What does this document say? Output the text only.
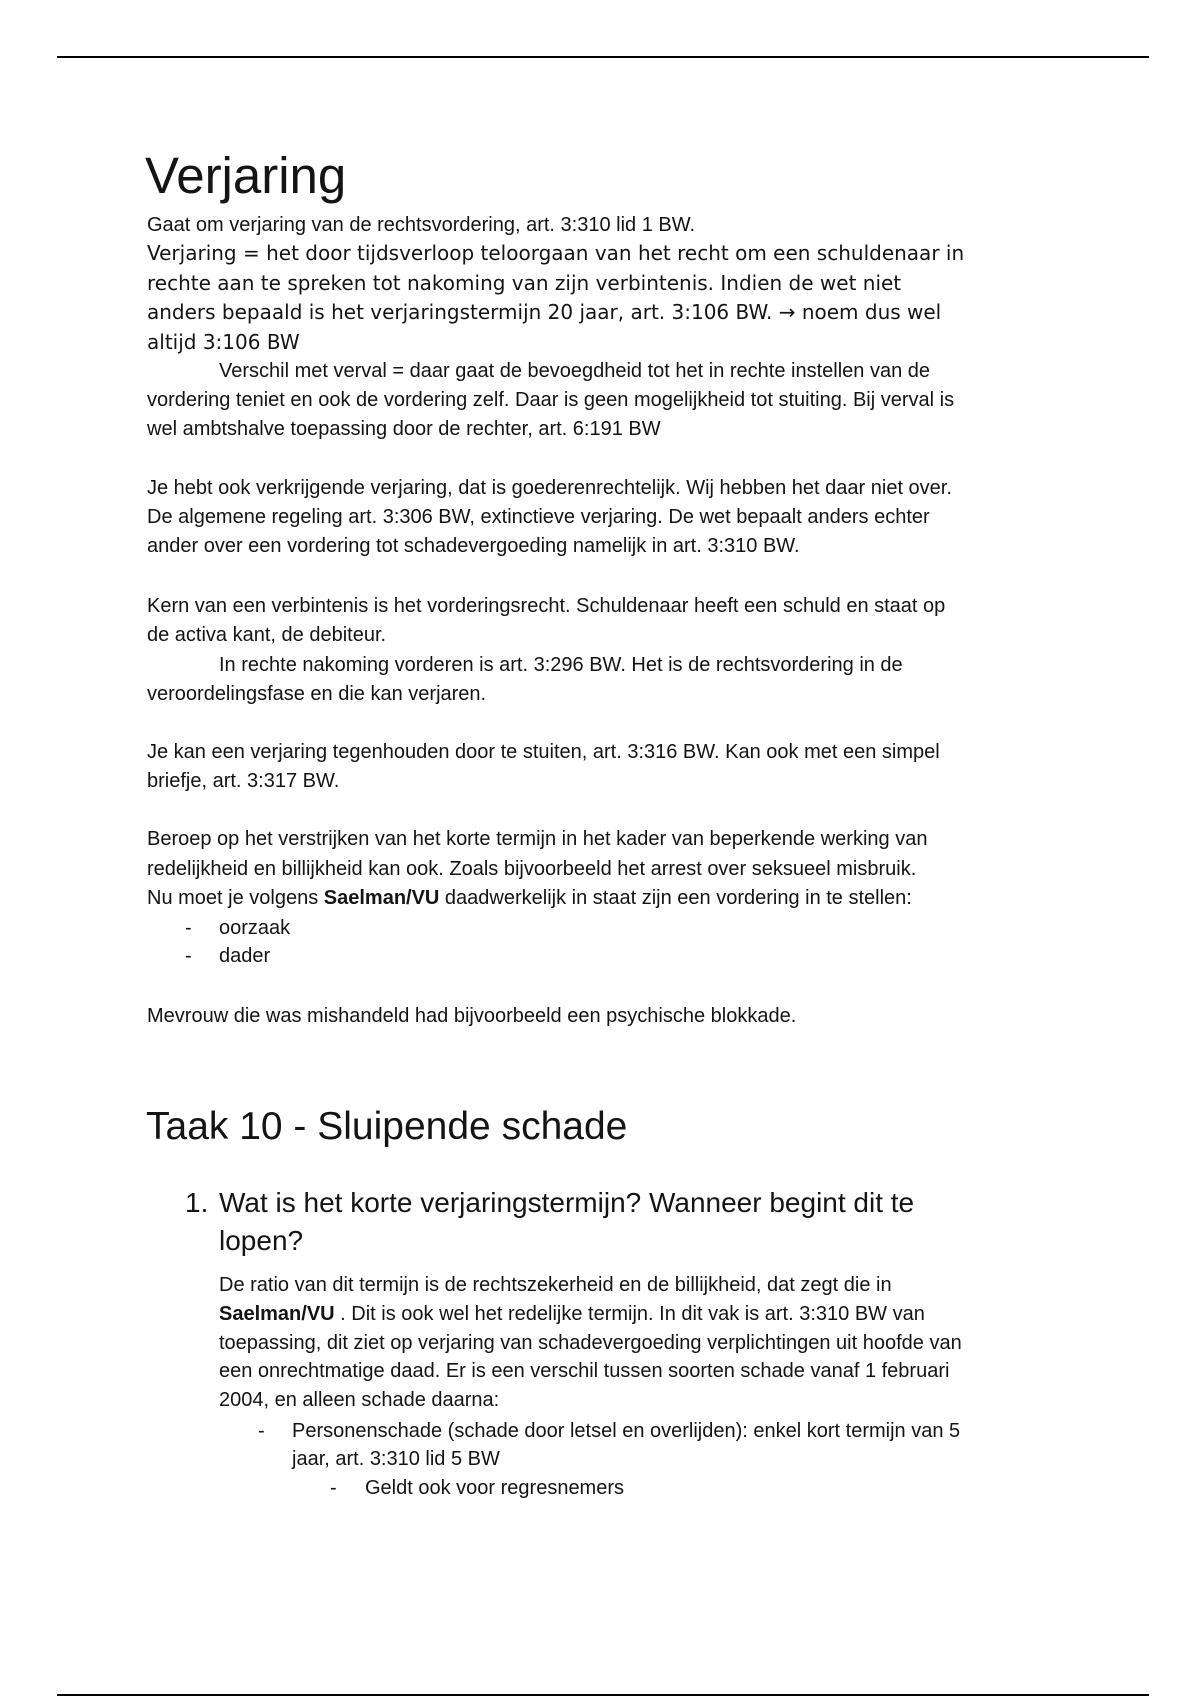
Verjaring
Gaat om verjaring van de rechtsvordering, art. 3:310 lid 1 BW.
Verjaring = het door tijdsverloop teloorgaan van het recht om een schuldenaar in
rechte aan te spreken tot nakoming van zijn verbintenis. Indien de wet niet
anders bepaald is het verjaringstermijn 20 jaar, art. 3:106 BW. → noem dus wel
altijd 3:106 BW
Verschil met verval = daar gaat de bevoegdheid tot het in rechte instellen van de
vordering teniet en ook de vordering zelf. Daar is geen mogelijkheid tot stuiting. Bij verval is
wel ambtshalve toepassing door de rechter, art. 6:191 BW
Je hebt ook verkrijgende verjaring, dat is goederenrechtelijk. Wij hebben het daar niet over.
De algemene regeling art. 3:306 BW, extinctieve verjaring. De wet bepaalt anders echter
ander over een vordering tot schadevergoeding namelijk in art. 3:310 BW.
Kern van een verbintenis is het vorderingsrecht. Schuldenaar heeft een schuld en staat op
de activa kant, de debiteur.
In rechte nakoming vorderen is art. 3:296 BW. Het is de rechtsvordering in de
veroordelingsfase en die kan verjaren.
Je kan een verjaring tegenhouden door te stuiten, art. 3:316 BW. Kan ook met een simpel
briefje, art. 3:317 BW.
Beroep op het verstrijken van het korte termijn in het kader van beperkende werking van
redelijkheid en billijkheid kan ook. Zoals bijvoorbeeld het arrest over seksueel misbruik.
Nu moet je volgens Saelman/VU daadwerkelijk in staat zijn een vordering in te stellen:
- oorzaak
- dader
Mevrouw die was mishandeld had bijvoorbeeld een psychische blokkade.
Taak 10 - Sluipende schade
1. Wat is het korte verjaringstermijn? Wanneer begint dit te
lopen?
De ratio van dit termijn is de rechtszekerheid en de billijkheid, dat zegt die in
Saelman/VU . Dit is ook wel het redelijke termijn. In dit vak is art. 3:310 BW van
toepassing, dit ziet op verjaring van schadevergoeding verplichtingen uit hoofde van
een onrechtmatige daad. Er is een verschil tussen soorten schade vanaf 1 februari
2004, en alleen schade daarna:
- Personenschade (schade door letsel en overlijden): enkel kort termijn van 5
jaar, art. 3:310 lid 5 BW
- Geldt ook voor regresnemers
